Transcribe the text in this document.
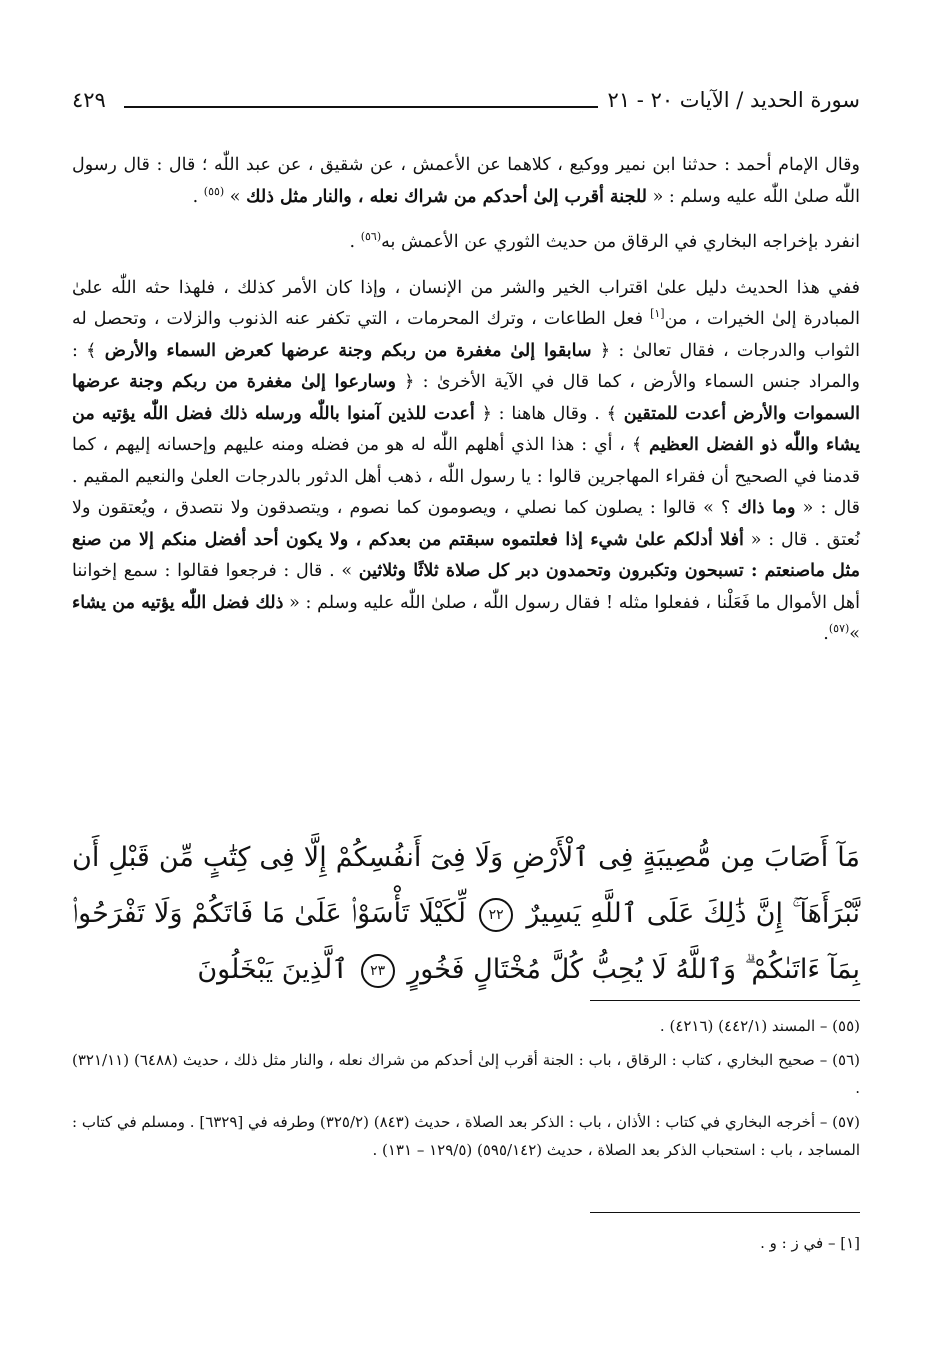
سورة الحديد / الآيات ٢٠ - ٢١
٤٢٩

وقال الإمام أحمد : حدثنا ابن نمير ووكيع ، كلاهما عن الأعمش ، عن شقيق ، عن عبد اللّٰه ؛ قال : قال رسول اللّٰه صلىٰ اللّٰه عليه وسلم : « للجنة أقرب إلىٰ أحدكم من شراك نعله ، والنار مثل ذلك » $^{(٥٥)}$ .

انفرد بإخراجه البخاري في الرقاق من حديث الثوري عن الأعمش به$^{(٥٦)}$ .

ففي هذا الحديث دليل علىٰ اقتراب الخير والشر من الإنسان ، وإذا كان الأمر كذلك ، فلهذا حثه اللّٰه علىٰ المبادرة إلىٰ الخيرات ، من[١] فعل الطاعات ، وترك المحرمات ، التي تكفر عنه الذنوب والزلات ، وتحصل له الثواب والدرجات ، فقال تعالىٰ : ﴿ سابقوا إلىٰ مغفرة من ربكم وجنة عرضها كعرض السماء والأرض ﴾ : والمراد جنس السماء والأرض ، كما قال في الآية الأخرىٰ : ﴿ وسارعوا إلىٰ مغفرة من ربكم وجنة عرضها السموات والأرض أعدت للمتقين ﴾ . وقال هاهنا : ﴿ أعدت للذين آمنوا باللّٰه ورسله ذلك فضل اللّٰه يؤتيه من يشاء واللّٰه ذو الفضل العظيم ﴾ ، أي : هذا الذي أهلهم اللّٰه له هو من فضله ومنه عليهم وإحسانه إليهم ، كما قدمنا في الصحيح أن فقراء المهاجرين قالوا : يا رسول اللّٰه ، ذهب أهل الدثور بالدرجات العلىٰ والنعيم المقيم . قال : « وما ذاك ؟ » قالوا : يصلون كما نصلي ، ويصومون كما نصوم ، ويتصدقون ولا نتصدق ، ويُعتقون ولا نُعتق . قال : « أفلا أدلكم علىٰ شيء إذا فعلتموه سبقتم من بعدكم ، ولا يكون أحد أفضل منكم إلا من صنع مثل ماصنعتم : تسبحون وتكبرون وتحمدون دبر كل صلاة ثلاثًا وثلاثين » . قال : فرجعوا فقالوا : سمع إخواننا أهل الأموال ما فَعَلْنا ، ففعلوا مثله ! فقال رسول اللّٰه ، صلىٰ اللّٰه عليه وسلم : « ذلك فضل اللّٰه يؤتيه من يشاء »$^{(٥٧)}$.

مَآ أَصَابَ مِن مُّصِيبَةٍ فِى ٱلْأَرْضِ وَلَا فِىٓ أَنفُسِكُمْ إِلَّا فِى كِتَٰبٍ مِّن قَبْلِ أَن نَّبْرَأَهَآ ۚ إِنَّ ذَٰلِكَ عَلَى ٱللَّهِ يَسِيرٌ ٢٢ لِّكَيْلَا تَأْسَوْا۟ عَلَىٰ مَا فَاتَكُمْ وَلَا تَفْرَحُوا۟ بِمَآ ءَاتَىٰكُمْ ۗ وَٱللَّهُ لَا يُحِبُّ كُلَّ مُخْتَالٍ فَخُورٍ ٢٣ ٱلَّذِينَ يَبْخَلُونَ

(٥٥) – المسند (٤٤٢/١) (٤٢١٦) .

(٥٦) – صحيح البخاري ، كتاب : الرقاق ، باب : الجنة أقرب إلىٰ أحدكم من شراك نعله ، والنار مثل ذلك ، حديث (٦٤٨٨) (٣٢١/١١) .

(٥٧) – أخرجه البخاري في كتاب : الأذان ، باب : الذكر بعد الصلاة ، حديث (٨٤٣) (٣٢٥/٢) وطرفه في [٦٣٢٩] . ومسلم في كتاب : المساجد ، باب : استحباب الذكر بعد الصلاة ، حديث (٥٩٥/١٤٢) (١٢٩/٥ – ١٣١) .

[١] – في ز : و .
